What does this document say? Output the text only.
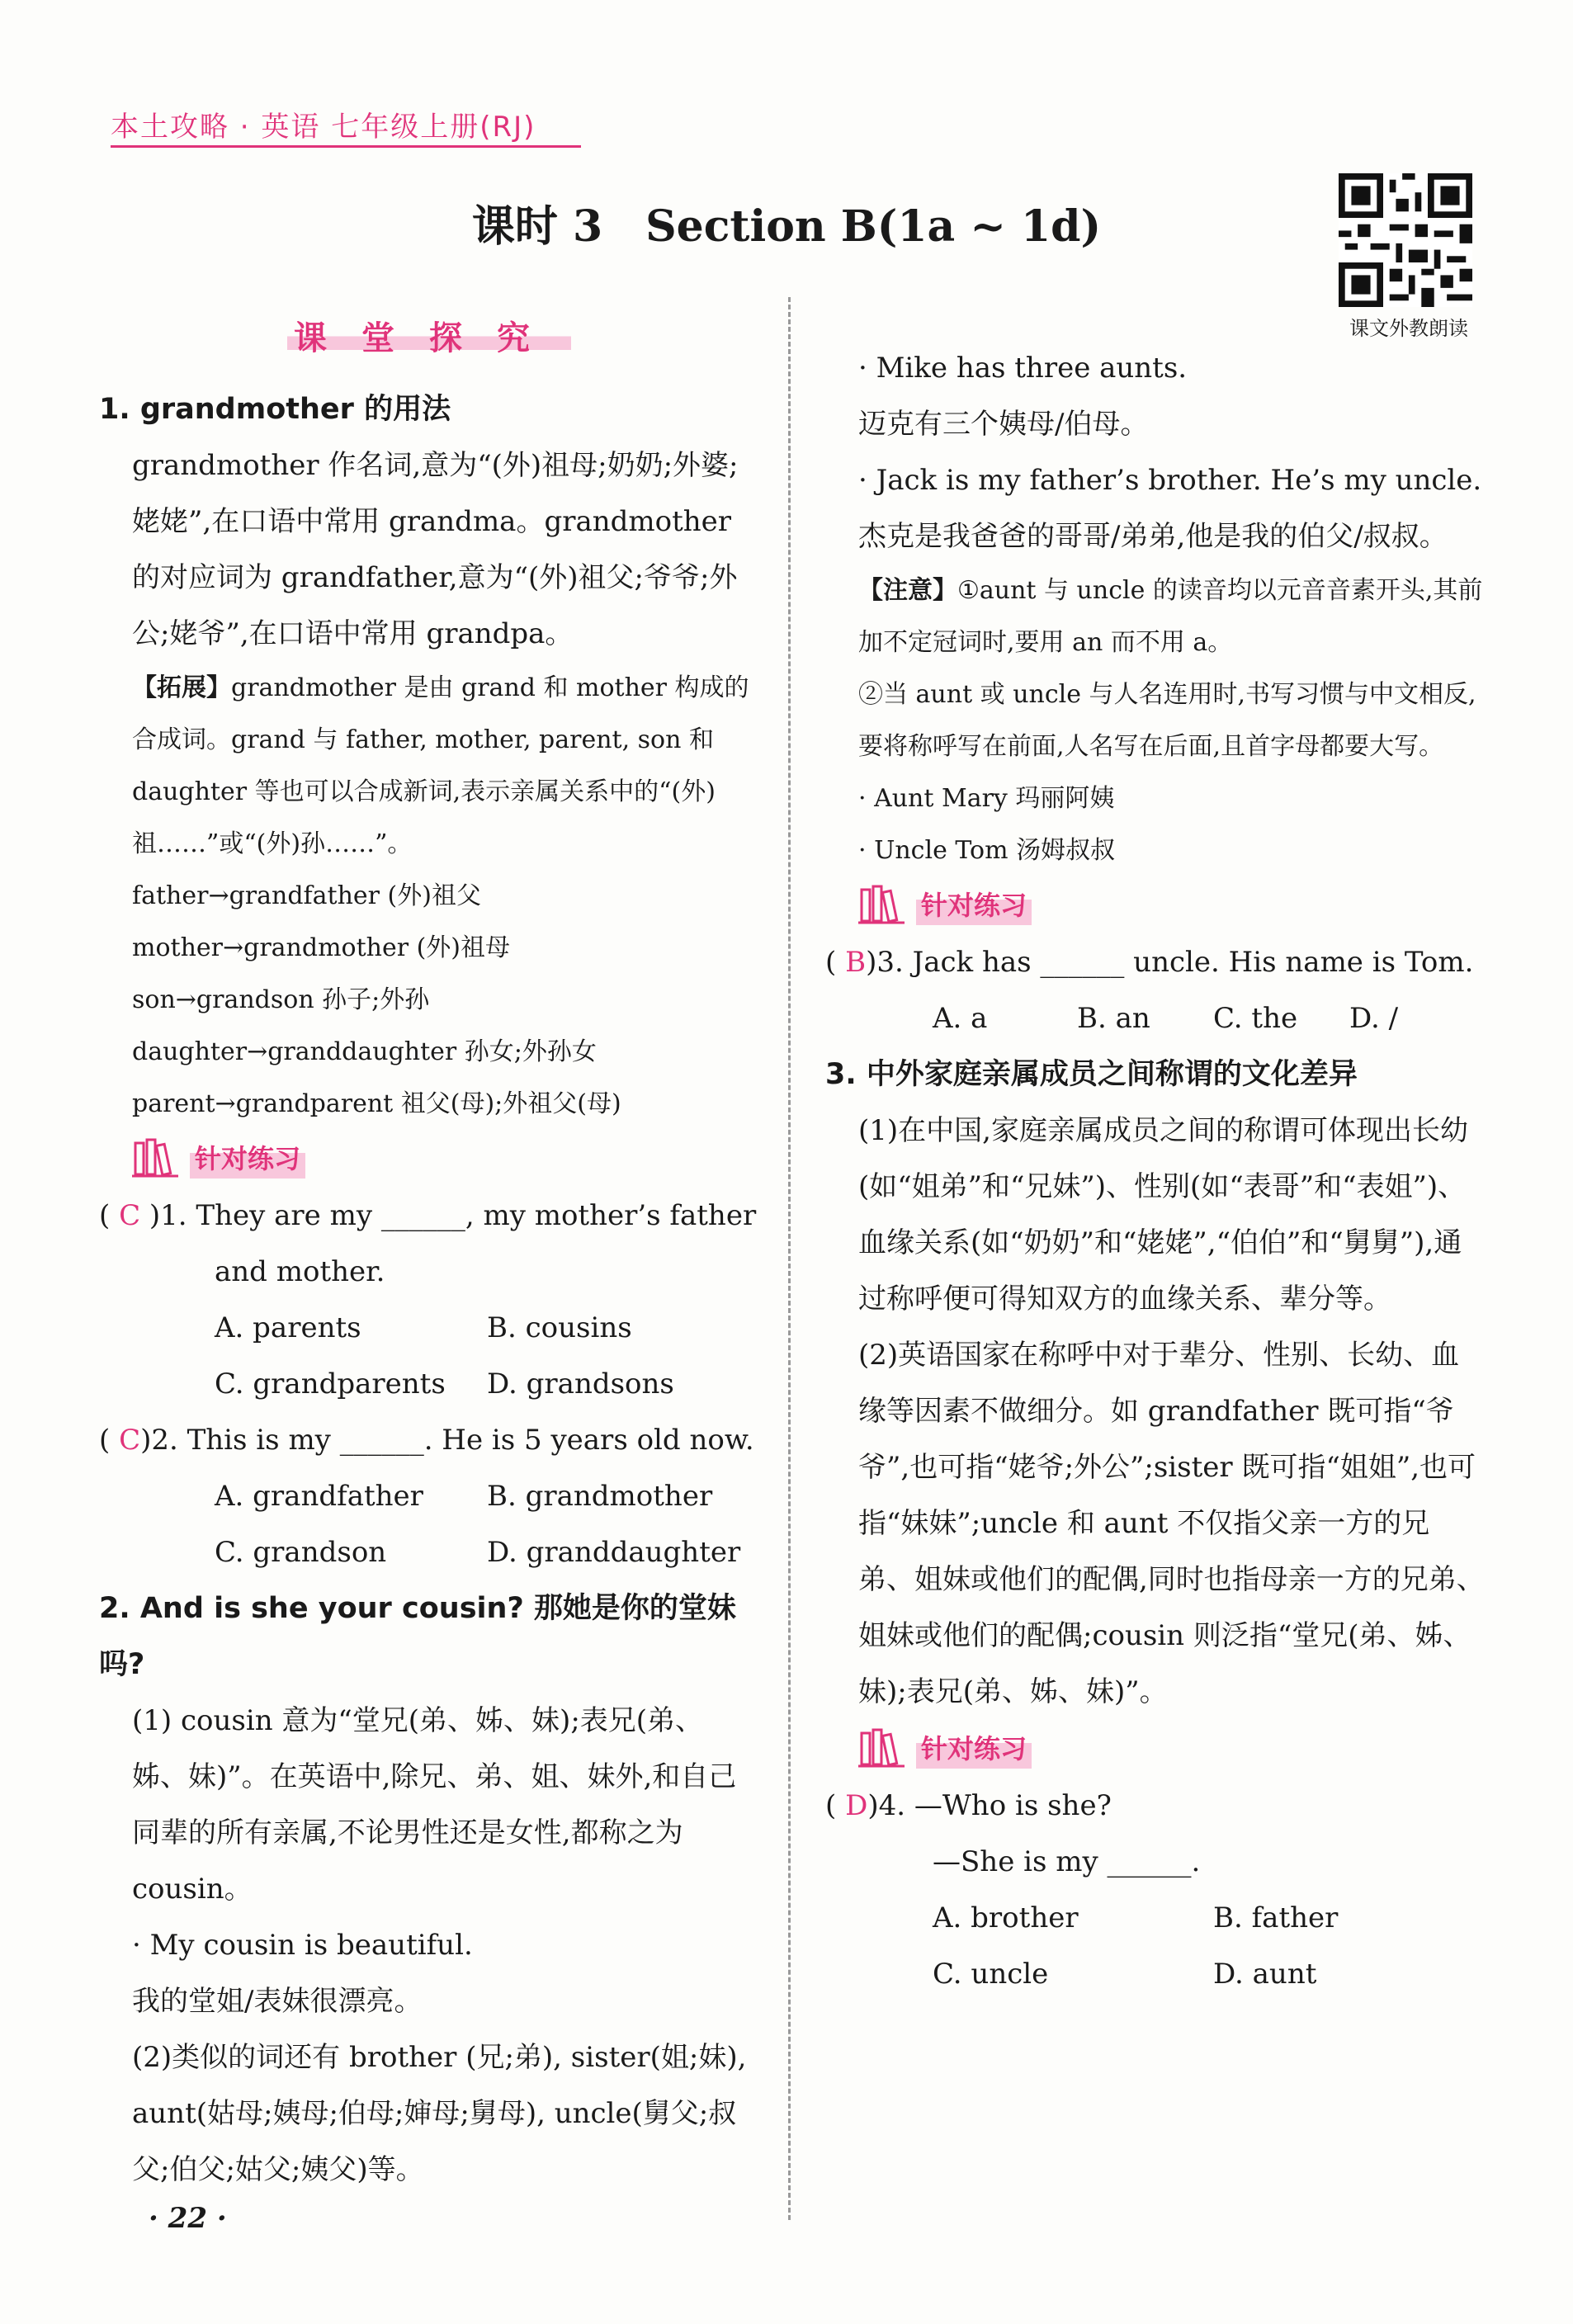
本土攻略 · 英语 七年级上册(RJ)
课时 3　Section B(1a ~ 1d)
课文外教朗读
课堂探究
1. grandmother 的用法
grandmother 作名词,意为“(外)祖母;奶奶;外婆;姥姥”,在口语中常用 grandma。grandmother 的对应词为 grandfather,意为“(外)祖父;爷爷;外公;姥爷”,在口语中常用 grandpa。
【拓展】grandmother 是由 grand 和 mother 构成的合成词。grand 与 father, mother, parent, son 和 daughter 等也可以合成新词,表示亲属关系中的“(外)祖……”或“(外)孙……”。
father→grandfather (外)祖父
mother→grandmother (外)祖母
son→grandson 孙子;外孙
daughter→granddaughter 孙女;外孙女
parent→grandparent 祖父(母);外祖父(母)
针对练习
( C )1. They are my ______, my mother’s father
and mother.
A. parents	B. cousins
C. grandparents	D. grandsons
( C)2. This is my ______. He is 5 years old now.
A. grandfather	B. grandmother
C. grandson	D. granddaughter
2. And is she your cousin? 那她是你的堂妹吗?
(1) cousin 意为“堂兄(弟、姊、妹);表兄(弟、姊、妹)”。在英语中,除兄、弟、姐、妹外,和自己同辈的所有亲属,不论男性还是女性,都称之为 cousin。
· My cousin is beautiful.
我的堂姐/表妹很漂亮。
(2)类似的词还有 brother (兄;弟), sister(姐;妹), aunt(姑母;姨母;伯母;婶母;舅母), uncle(舅父;叔父;伯父;姑父;姨父)等。
· Mike has three aunts.
迈克有三个姨母/伯母。
· Jack is my father’s brother. He’s my uncle.
杰克是我爸爸的哥哥/弟弟,他是我的伯父/叔叔。
【注意】①aunt 与 uncle 的读音均以元音音素开头,其前加不定冠词时,要用 an 而不用 a。
②当 aunt 或 uncle 与人名连用时,书写习惯与中文相反,要将称呼写在前面,人名写在后面,且首字母都要大写。
· Aunt Mary 玛丽阿姨
· Uncle Tom 汤姆叔叔
针对练习
( B)3. Jack has ______ uncle. His name is Tom.
A. a	B. an	C. the	D. /
3. 中外家庭亲属成员之间称谓的文化差异
(1)在中国,家庭亲属成员之间的称谓可体现出长幼(如“姐弟”和“兄妹”)、性别(如“表哥”和“表姐”)、血缘关系(如“奶奶”和“姥姥”,“伯伯”和“舅舅”),通过称呼便可得知双方的血缘关系、辈分等。
(2)英语国家在称呼中对于辈分、性别、长幼、血缘等因素不做细分。如 grandfather 既可指“爷爷”,也可指“姥爷;外公”;sister 既可指“姐姐”,也可指“妹妹”;uncle 和 aunt 不仅指父亲一方的兄弟、姐妹或他们的配偶,同时也指母亲一方的兄弟、姐妹或他们的配偶;cousin 则泛指“堂兄(弟、姊、妹);表兄(弟、姊、妹)”。
针对练习
( D)4. —Who is she?
—She is my ______.
A. brother	B. father
C. uncle	D. aunt
· 22 ·
